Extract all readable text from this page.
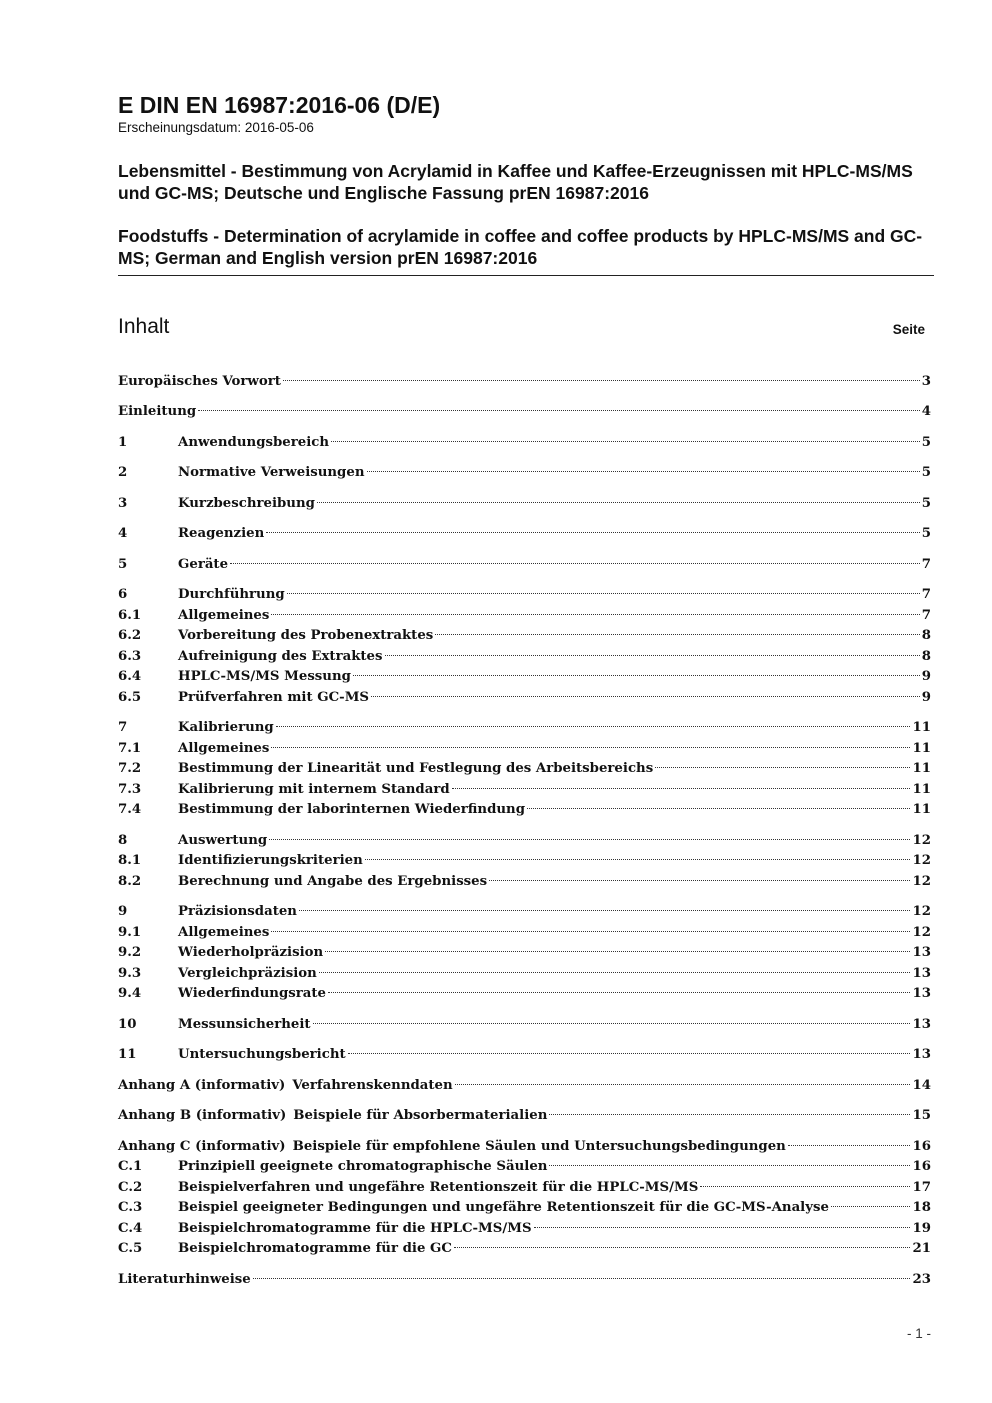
E DIN EN 16987:2016-06 (D/E)
Erscheinungsdatum: 2016-05-06
Lebensmittel - Bestimmung von Acrylamid in Kaffee und Kaffee-Erzeugnissen mit HPLC-MS/MS und GC-MS; Deutsche und Englische Fassung prEN 16987:2016
Foodstuffs - Determination of acrylamide in coffee and coffee products by HPLC-MS/MS and GC-MS; German and English version prEN 16987:2016
Inhalt	Seite
Europäisches Vorwort	3
Einleitung	4
1	Anwendungsbereich	5
2	Normative Verweisungen	5
3	Kurzbeschreibung	5
4	Reagenzien	5
5	Geräte	7
6	Durchführung	7
6.1	Allgemeines	7
6.2	Vorbereitung des Probenextraktes	8
6.3	Aufreinigung des Extraktes	8
6.4	HPLC-MS/MS Messung	9
6.5	Prüfverfahren mit GC-MS	9
7	Kalibrierung	11
7.1	Allgemeines	11
7.2	Bestimmung der Linearität und Festlegung des Arbeitsbereichs	11
7.3	Kalibrierung mit internem Standard	11
7.4	Bestimmung der laborinternen Wiederfindung	11
8	Auswertung	12
8.1	Identifizierungskriterien	12
8.2	Berechnung und Angabe des Ergebnisses	12
9	Präzisionsdaten	12
9.1	Allgemeines	12
9.2	Wiederholpräzision	13
9.3	Vergleichpräzision	13
9.4	Wiederfindungsrate	13
10	Messunsicherheit	13
11	Untersuchungsbericht	13
Anhang A (informativ) Verfahrenskenndaten	14
Anhang B (informativ) Beispiele für Absorbermaterialien	15
Anhang C (informativ) Beispiele für empfohlene Säulen und Untersuchungsbedingungen	16
C.1	Prinzipiell geeignete chromatographische Säulen	16
C.2	Beispielverfahren und ungefähre Retentionszeit für die HPLC-MS/MS	17
C.3	Beispiel geeigneter Bedingungen und ungefähre Retentionszeit für die GC-MS-Analyse	18
C.4	Beispielchromatogramme für die HPLC-MS/MS	19
C.5	Beispielchromatogramme für die GC	21
Literaturhinweise	23
- 1 -
